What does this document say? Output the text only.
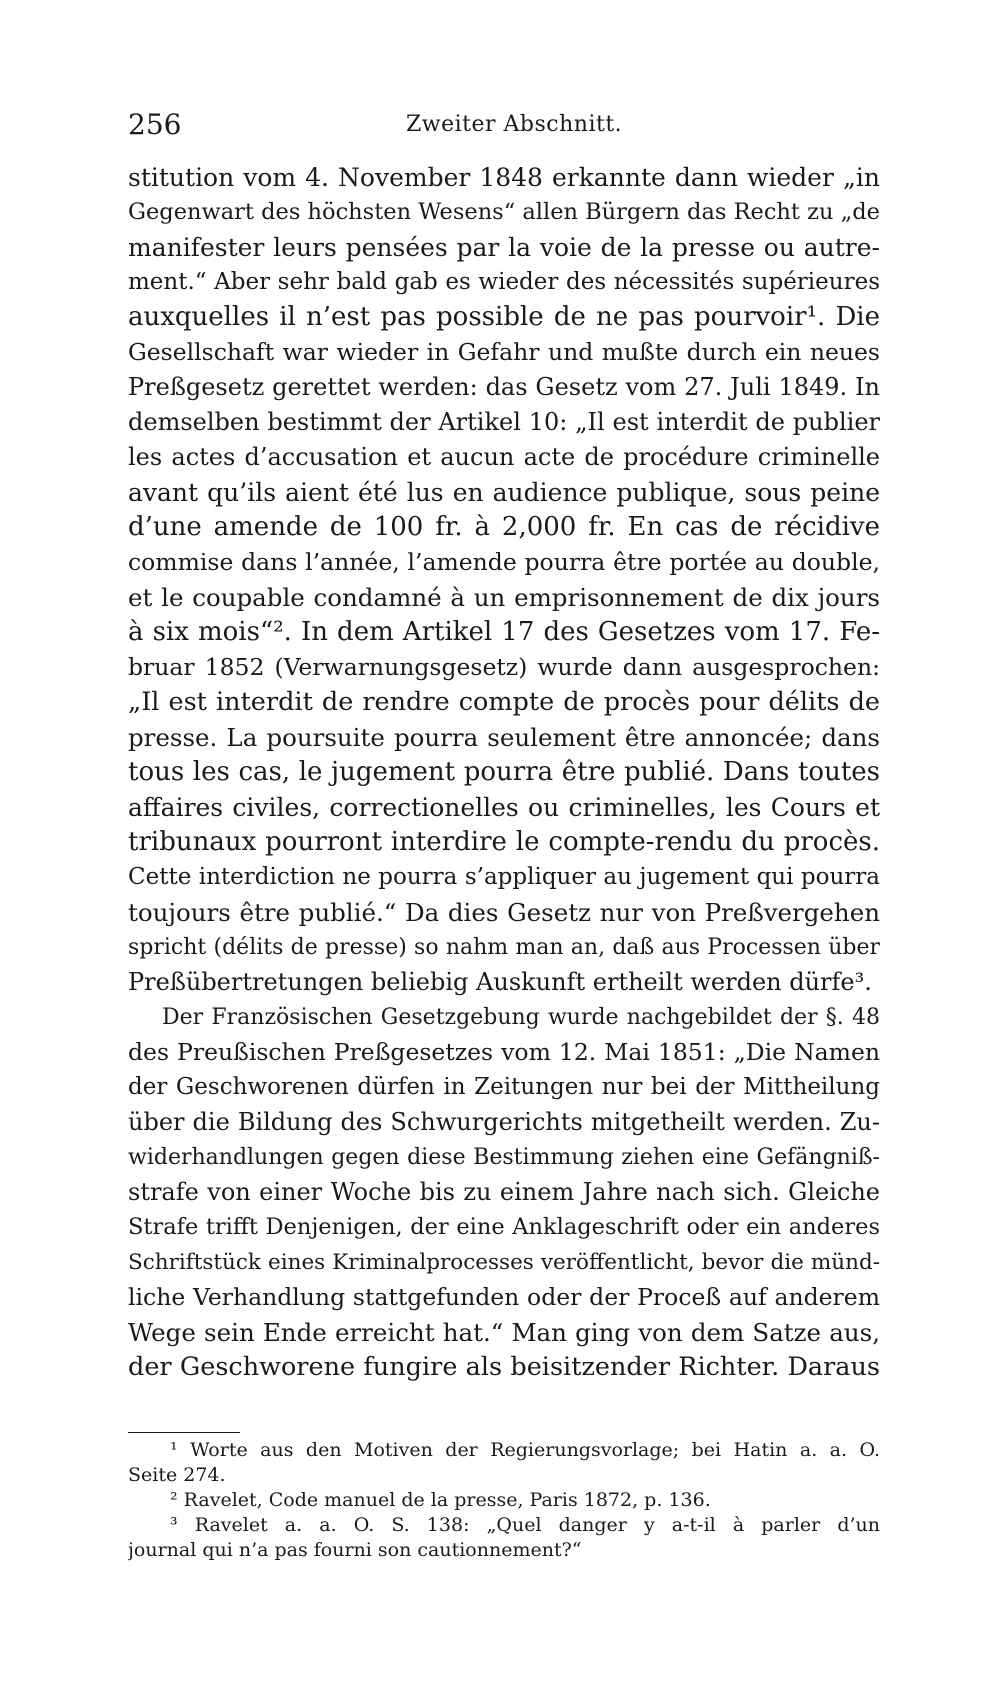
256	Zweiter Abschnitt.
stitution vom 4. November 1848 erkannte dann wieder „in
Gegenwart des höchsten Wesens“ allen Bürgern das Recht zu „de
manifester leurs pensées par la voie de la presse ou autre-
ment.“ Aber sehr bald gab es wieder des nécessités supérieures
auxquelles il n’est pas possible de ne pas pourvoir¹. Die
Gesellschaft war wieder in Gefahr und mußte durch ein neues
Preßgesetz gerettet werden: das Gesetz vom 27. Juli 1849. In
demselben bestimmt der Artikel 10: „Il est interdit de publier
les actes d’accusation et aucun acte de procédure criminelle
avant qu’ils aient été lus en audience publique, sous peine
d’une amende de 100 fr. à 2,000 fr. En cas de récidive
commise dans l’année, l’amende pourra être portée au double,
et le coupable condamné à un emprisonnement de dix jours
à six mois“². In dem Artikel 17 des Gesetzes vom 17. Fe-
bruar 1852 (Verwarnungsgesetz) wurde dann ausgesprochen:
„Il est interdit de rendre compte de procès pour délits de
presse. La poursuite pourra seulement être annoncée; dans
tous les cas, le jugement pourra être publié. Dans toutes
affaires civiles, correctionelles ou criminelles, les Cours et
tribunaux pourront interdire le compte-rendu du procès.
Cette interdiction ne pourra s’appliquer au jugement qui pourra
toujours être publié.“ Da dies Gesetz nur von Preßvergehen
spricht (délits de presse) so nahm man an, daß aus Processen über
Preßübertretungen beliebig Auskunft ertheilt werden dürfe³.
Der Französischen Gesetzgebung wurde nachgebildet der §. 48
des Preußischen Preßgesetzes vom 12. Mai 1851: „Die Namen
der Geschworenen dürfen in Zeitungen nur bei der Mittheilung
über die Bildung des Schwurgerichts mitgetheilt werden. Zu-
widerhandlungen gegen diese Bestimmung ziehen eine Gefängniß-
strafe von einer Woche bis zu einem Jahre nach sich. Gleiche
Strafe trifft Denjenigen, der eine Anklageschrift oder ein anderes
Schriftstück eines Kriminalprocesses veröffentlicht, bevor die münd-
liche Verhandlung stattgefunden oder der Proceß auf anderem
Wege sein Ende erreicht hat.“ Man ging von dem Satze aus,
der Geschworene fungire als beisitzender Richter. Daraus
¹ Worte aus den Motiven der Regierungsvorlage; bei Hatin a. a. O.
Seite 274.
² Ravelet, Code manuel de la presse, Paris 1872, p. 136.
³ Ravelet a. a. O. S. 138: „Quel danger y a-t-il à parler d’un
journal qui n’a pas fourni son cautionnement?“
